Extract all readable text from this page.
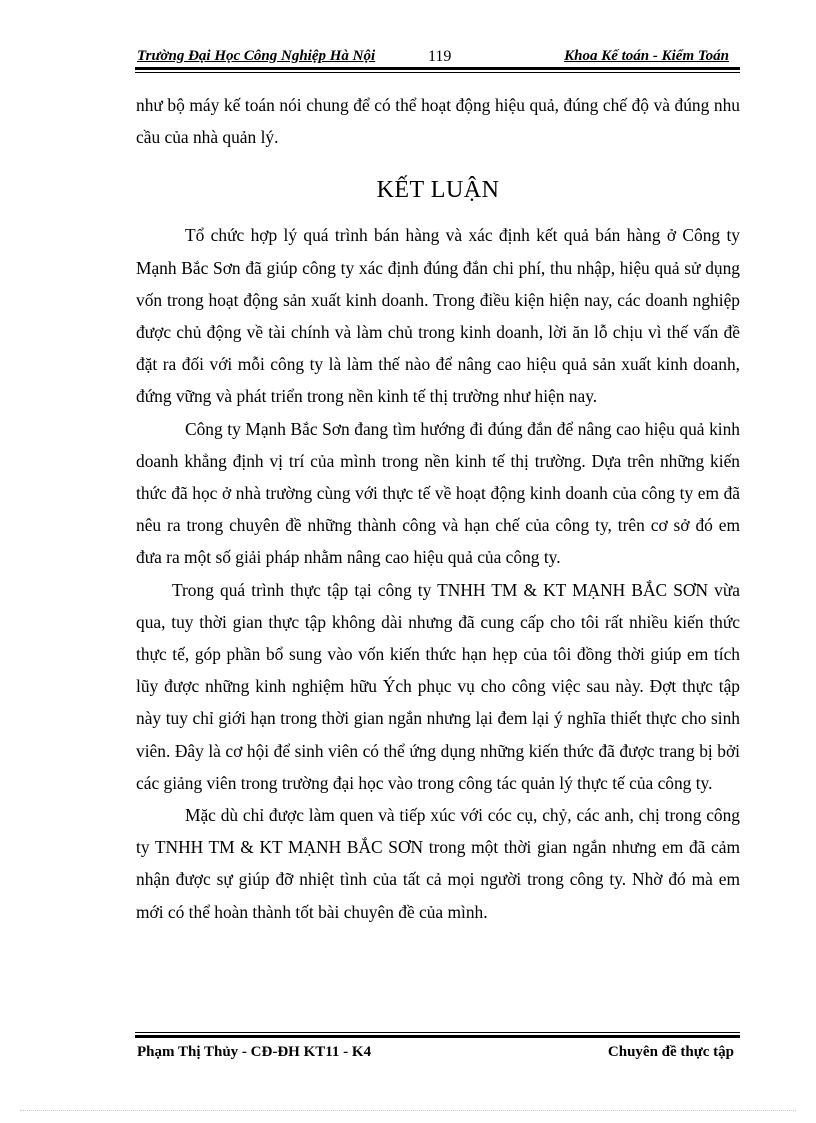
Trường Đại Học Công Nghiệp Hà Nội	119	Khoa Kế toán - Kiểm Toán

như bộ máy kế toán nói chung để có thể hoạt động hiệu quả, đúng chế độ và đúng nhu cầu của nhà quản lý.

KẾT LUẬN

Tổ chức hợp lý quá trình bán hàng và xác định kết quả bán hàng ở Công ty Mạnh Bắc Sơn đã giúp công ty xác định đúng đắn chi phí, thu nhập, hiệu quả sử dụng vốn trong hoạt động sản xuất kinh doanh. Trong điều kiện hiện nay, các doanh nghiệp được chủ động về tài chính và làm chủ trong kinh doanh, lời ăn lỗ chịu vì thế vấn đề đặt ra đối với mỗi công ty là làm thế nào để nâng cao hiệu quả sản xuất kinh doanh, đứng vững và phát triển trong nền kinh tế thị trường như hiện nay.

Công ty Mạnh Bắc Sơn đang tìm hướng đi đúng đắn để nâng cao hiệu quả kinh doanh khẳng định vị trí của mình trong nền kinh tế thị trường. Dựa trên những kiến thức đã học ở nhà trường cùng với thực tế về hoạt động kinh doanh của công ty em đã nêu ra trong chuyên đề những thành công và hạn chế của công ty, trên cơ sở đó em đưa ra một số giải pháp nhằm nâng cao hiệu quả của công ty.

Trong quá trình thực tập tại công ty TNHH TM & KT MẠNH BẮC SƠN vừa qua, tuy thời gian thực tập không dài nhưng đã cung cấp cho tôi rất nhiều kiến thức thực tế, góp phần bổ sung vào vốn kiến thức hạn hẹp của tôi đồng thời giúp em tích lũy được những kinh nghiệm hữu Ých phục vụ cho công việc sau này. Đợt thực tập này tuy chỉ giới hạn trong thời gian ngắn nhưng lại đem lại ý nghĩa thiết thực cho sinh viên. Đây là cơ hội để sinh viên có thể ứng dụng những kiến thức đã được trang bị bởi các giảng viên trong trường đại học vào trong công tác quản lý thực tế của công ty.

Mặc dù chỉ được làm quen và tiếp xúc với cóc cụ, chỷ, các anh, chị trong công ty TNHH TM & KT MẠNH BẮC SƠN trong một thời gian ngắn nhưng em đã cảm nhận được sự giúp đỡ nhiệt tình của tất cả mọi người trong công ty. Nhờ đó mà em mới có thể hoàn thành tốt bài chuyên đề của mình.

Phạm Thị Thủy - CĐ-ĐH KT11 - K4	Chuyên đề thực tập
